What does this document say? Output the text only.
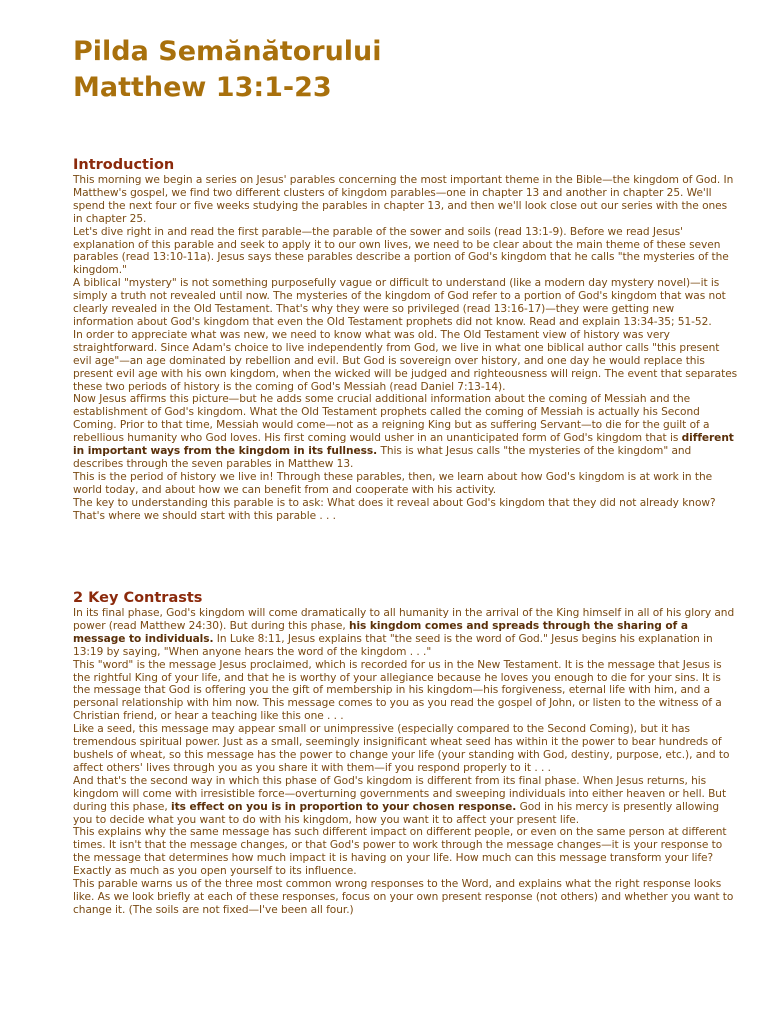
Pilda Semănătorului
Matthew 13:1-23
Introduction

This morning we begin a series on Jesus' parables concerning the most important theme in the Bible—the kingdom of God. In Matthew's gospel, we find two different clusters of kingdom parables—one in chapter 13 and another in chapter 25. We'll spend the next four or five weeks studying the parables in chapter 13, and then we'll look close out our series with the ones in chapter 25.

Let's dive right in and read the first parable—the parable of the sower and soils (read 13:1-9). Before we read Jesus' explanation of this parable and seek to apply it to our own lives, we need to be clear about the main theme of these seven parables (read 13:10-11a). Jesus says these parables describe a portion of God's kingdom that he calls "the mysteries of the kingdom."

A biblical "mystery" is not something purposefully vague or difficult to understand (like a modern day mystery novel)—it is simply a truth not revealed until now. The mysteries of the kingdom of God refer to a portion of God's kingdom that was not clearly revealed in the Old Testament. That's why they were so privileged (read 13:16-17)—they were getting new information about God's kingdom that even the Old Testament prophets did not know. Read and explain 13:34-35; 51-52.

In order to appreciate what was new, we need to know what was old. The Old Testament view of history was very straightforward. Since Adam's choice to live independently from God, we live in what one biblical author calls "this present evil age"—an age dominated by rebellion and evil. But God is sovereign over history, and one day he would replace this present evil age with his own kingdom, when the wicked will be judged and righteousness will reign. The event that separates these two periods of history is the coming of God's Messiah (read Daniel 7:13-14).

Now Jesus affirms this picture—but he adds some crucial additional information about the coming of Messiah and the establishment of God's kingdom. What the Old Testament prophets called the coming of Messiah is actually his Second Coming. Prior to that time, Messiah would come—not as a reigning King but as suffering Servant—to die for the guilt of a rebellious humanity who God loves. His first coming would usher in an unanticipated form of God's kingdom that is different in important ways from the kingdom in its fullness. This is what Jesus calls "the mysteries of the kingdom" and describes through the seven parables in Matthew 13.

This is the period of history we live in! Through these parables, then, we learn about how God's kingdom is at work in the world today, and about how we can benefit from and cooperate with his activity.

The key to understanding this parable is to ask: What does it reveal about God's kingdom that they did not already know? That's where we should start with this parable . . .

2 Key Contrasts

In its final phase, God's kingdom will come dramatically to all humanity in the arrival of the King himself in all of his glory and power (read Matthew 24:30). But during this phase, his kingdom comes and spreads through the sharing of a message to individuals. In Luke 8:11, Jesus explains that "the seed is the word of God." Jesus begins his explanation in 13:19 by saying, "When anyone hears the word of the kingdom . . ."

This "word" is the message Jesus proclaimed, which is recorded for us in the New Testament. It is the message that Jesus is the rightful King of your life, and that he is worthy of your allegiance because he loves you enough to die for your sins. It is the message that God is offering you the gift of membership in his kingdom—his forgiveness, eternal life with him, and a personal relationship with him now. This message comes to you as you read the gospel of John, or listen to the witness of a Christian friend, or hear a teaching like this one . . .

Like a seed, this message may appear small or unimpressive (especially compared to the Second Coming), but it has tremendous spiritual power. Just as a small, seemingly insignificant wheat seed has within it the power to bear hundreds of bushels of wheat, so this message has the power to change your life (your standing with God, destiny, purpose, etc.), and to affect others' lives through you as you share it with them—if you respond properly to it . . .

And that's the second way in which this phase of God's kingdom is different from its final phase. When Jesus returns, his kingdom will come with irresistible force—overturning governments and sweeping individuals into either heaven or hell. But during this phase, its effect on you is in proportion to your chosen response. God in his mercy is presently allowing you to decide what you want to do with his kingdom, how you want it to affect your present life.

This explains why the same message has such different impact on different people, or even on the same person at different times. It isn't that the message changes, or that God's power to work through the message changes—it is your response to the message that determines how much impact it is having on your life. How much can this message transform your life? Exactly as much as you open yourself to its influence.

This parable warns us of the three most common wrong responses to the Word, and explains what the right response looks like. As we look briefly at each of these responses, focus on your own present response (not others) and whether you want to change it. (The soils are not fixed—I've been all four.)
